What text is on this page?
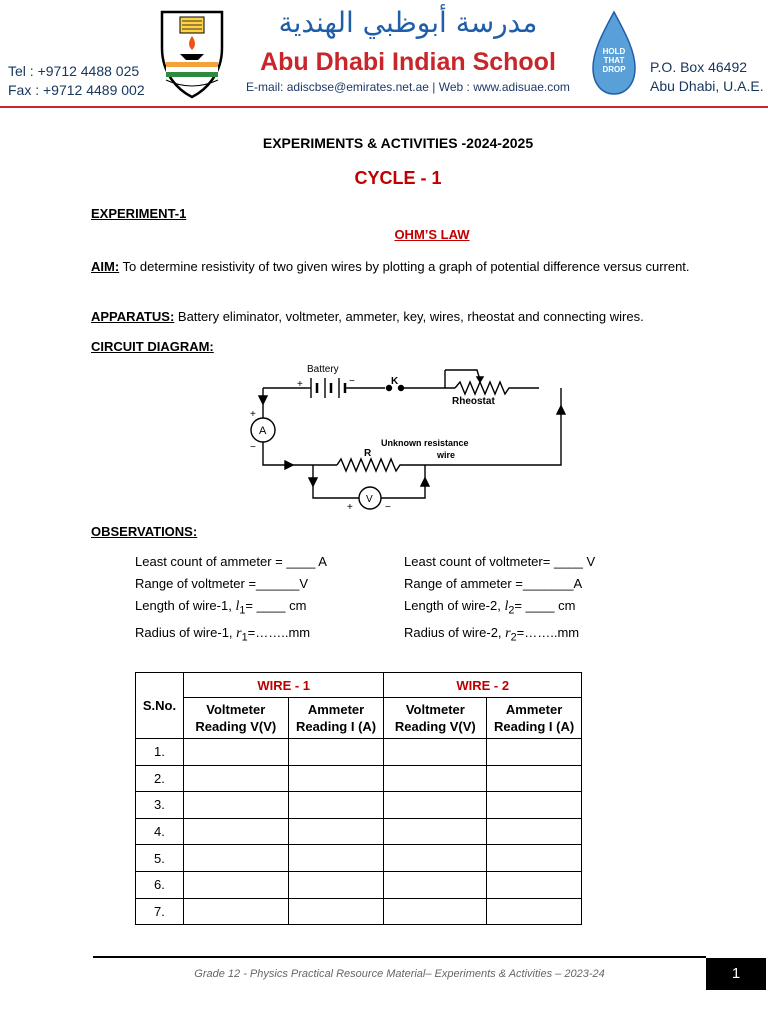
Tel : +9712 4488 025
Fax : +9712 4489 002
مدرسة أبوظبي الهندية
Abu Dhabi Indian School
E-mail: adiscbse@emirates.net.ae | Web : www.adisuae.com
HOLD
THAT
DROP P.O. Box 46492
Abu Dhabi, U.A.E.
EXPERIMENTS & ACTIVITIES -2024-2025
CYCLE - 1
EXPERIMENT-1
OHM’S LAW
AIM: To determine resistivity of two given wires by plotting a graph of potential difference versus current.
APPARATUS: Battery eliminator, voltmeter, ammeter, key, wires, rheostat and connecting wires.
CIRCUIT DIAGRAM:
Battery
+	−	K
Rheostat
A
+
−
R
Unknown resistance
wire
V
+	−
OBSERVATIONS:
Least count of ammeter = ____ A
Range of voltmeter =______V
Length of wire-1, $l_1=$ ____ cm
Radius of wire-1, $r_1=\dots\dots..mm$
Least count of voltmeter= ____ V
Range of ammeter =_______A
Length of wire-2, $l_2=$ ____ cm
Radius of wire-2, $r_2=\dots\dots..mm$
S.No.	WIRE - 1		WIRE - 2	
	Voltmeter Reading V(V)	Ammeter Reading I (A)	Voltmeter Reading V(V)	Ammeter Reading I (A)
1.				
2.				
3.				
4.				
5.				
6.				
7.				
Grade 12 - Physics Practical Resource Material– Experiments & Activities – 2023-24	1
